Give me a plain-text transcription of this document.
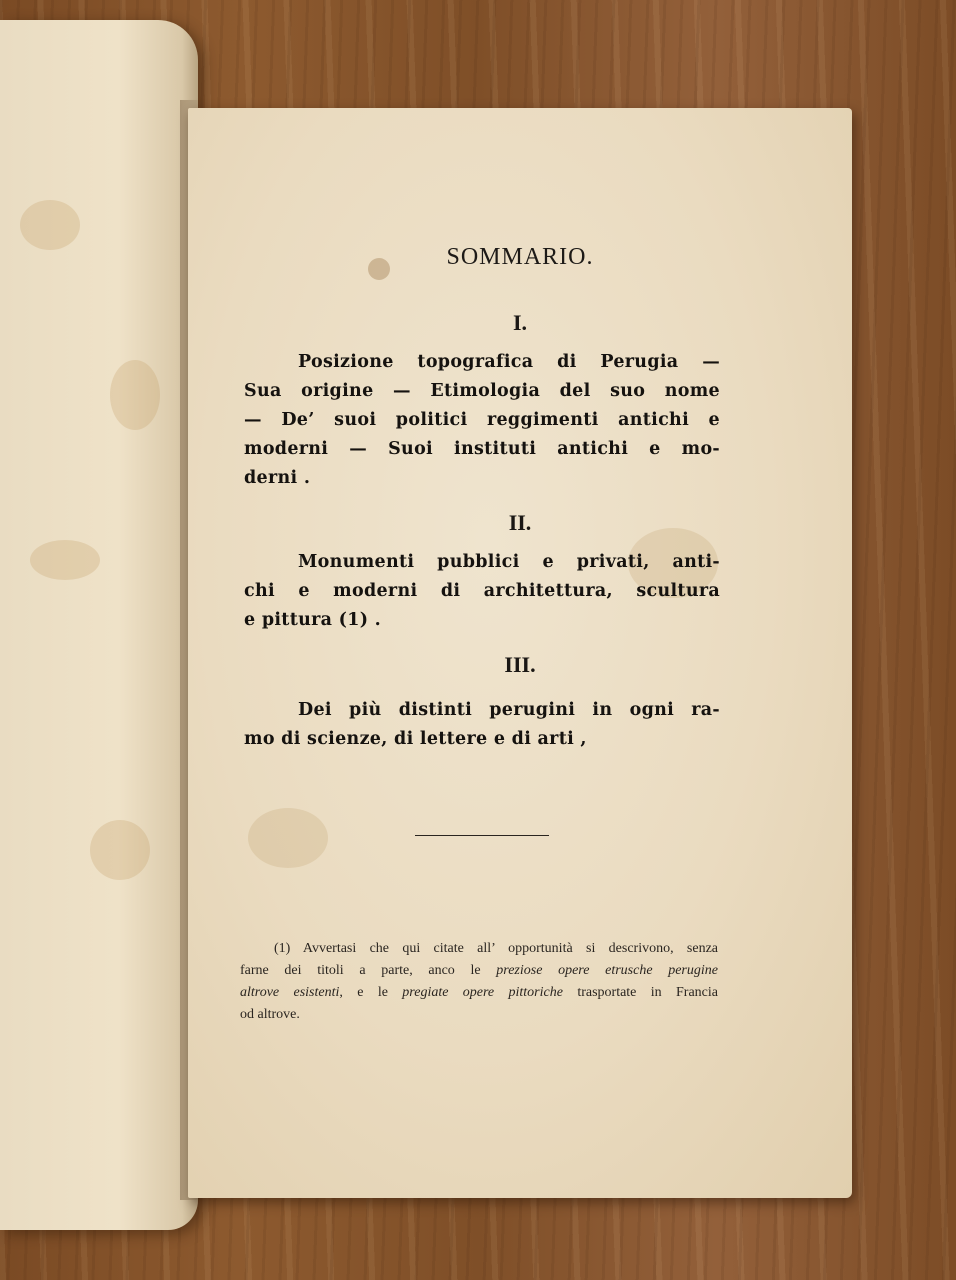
SOMMARIO.
I.
Posizione topografica di Perugia —
Sua origine — Etimologia del suo nome
— De’ suoi politici reggimenti antichi e
moderni — Suoi instituti antichi e mo-
derni .
II.
Monumenti pubblici e privati, anti-
chi e moderni di architettura, scultura
e pittura (1) .
III.
Dei più distinti perugini in ogni ra-
mo di scienze, di lettere e di arti ,
(1) Avvertasi che qui citate all’ opportunità si descrivono, senza
farne dei titoli a parte, anco le preziose opere etrusche perugine
altrove esistenti, e le pregiate opere pittoriche trasportate in Francia
od altrove.
